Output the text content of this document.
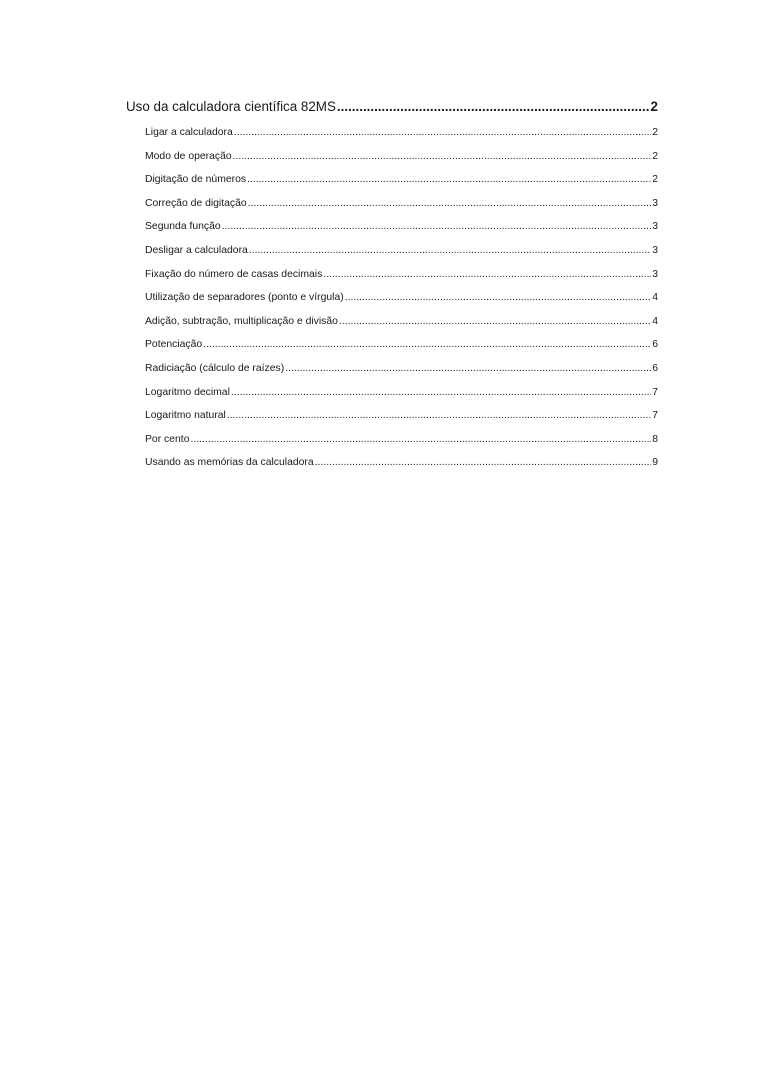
Uso da calculadora científica 82MS .....	2
Ligar a calculadora .....	2
Modo de operação .....	2
Digitação de números .....	2
Correção de digitação .....	3
Segunda função .....	3
Desligar a calculadora .....	3
Fixação do número de casas decimais .....	3
Utilização de separadores (ponto e vírgula) .....	4
Adição, subtração, multiplicação e divisão .....	4
Potenciação .....	6
Radiciação (cálculo de raízes) .....	6
Logaritmo decimal .....	7
Logaritmo natural .....	7
Por cento .....	8
Usando as memórias da calculadora .....	9
